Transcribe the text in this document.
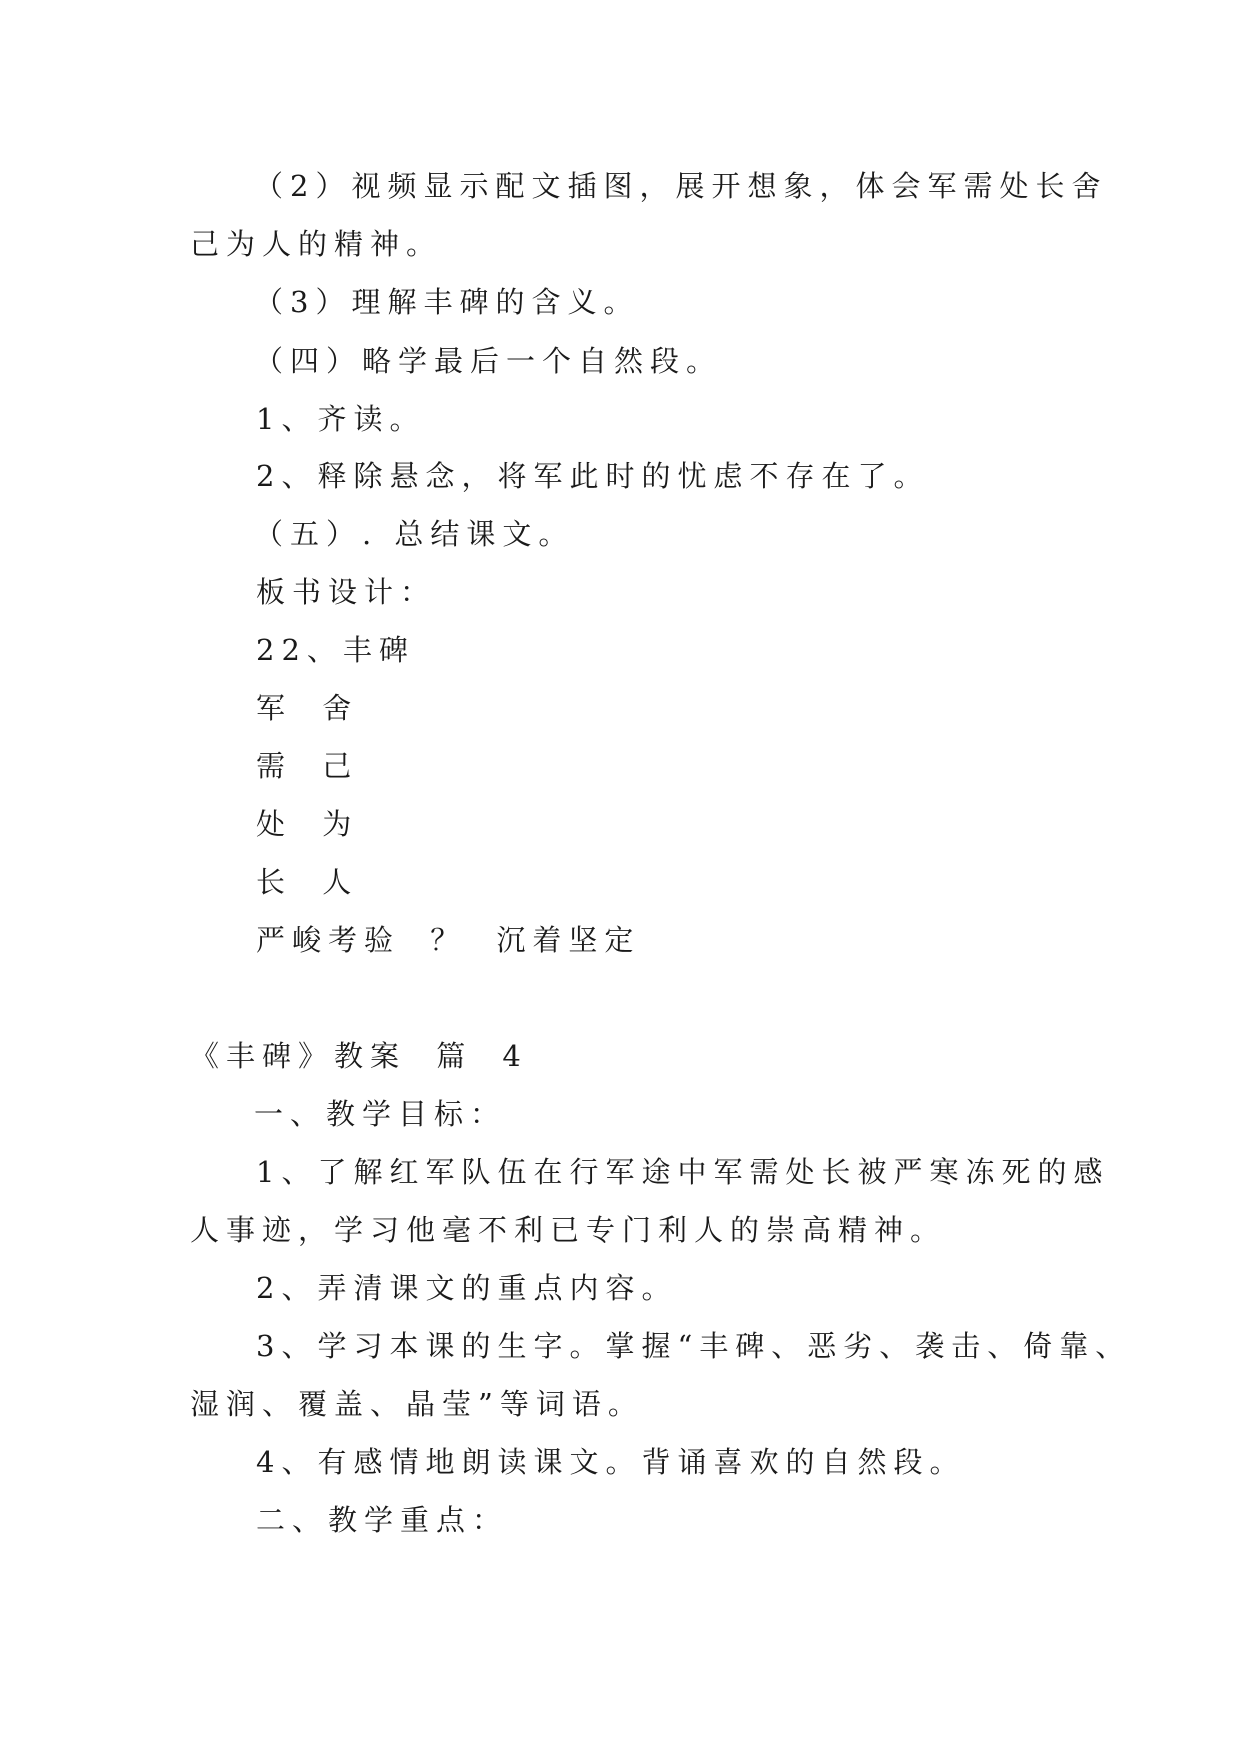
（2）视频显示配文插图，展开想象，体会军需处长舍
己为人的精神。
（3）理解丰碑的含义。
（四）略学最后一个自然段。
1、齐读。
2、释除悬念，将军此时的忧虑不存在了。
（五）. 总结课文。
板书设计：
22、丰碑
军 舍
需 己
处 为
长 人
严峻考验 ？ 沉着坚定
《丰碑》教案 篇 4
一、教学目标：
1、了解红军队伍在行军途中军需处长被严寒冻死的感
人事迹，学习他毫不利已专门利人的崇高精神。
2、弄清课文的重点内容。
3、学习本课的生字。掌握“丰碑、恶劣、袭击、倚靠、
湿润、覆盖、晶莹”等词语。
4、有感情地朗读课文。背诵喜欢的自然段。
二、教学重点：
